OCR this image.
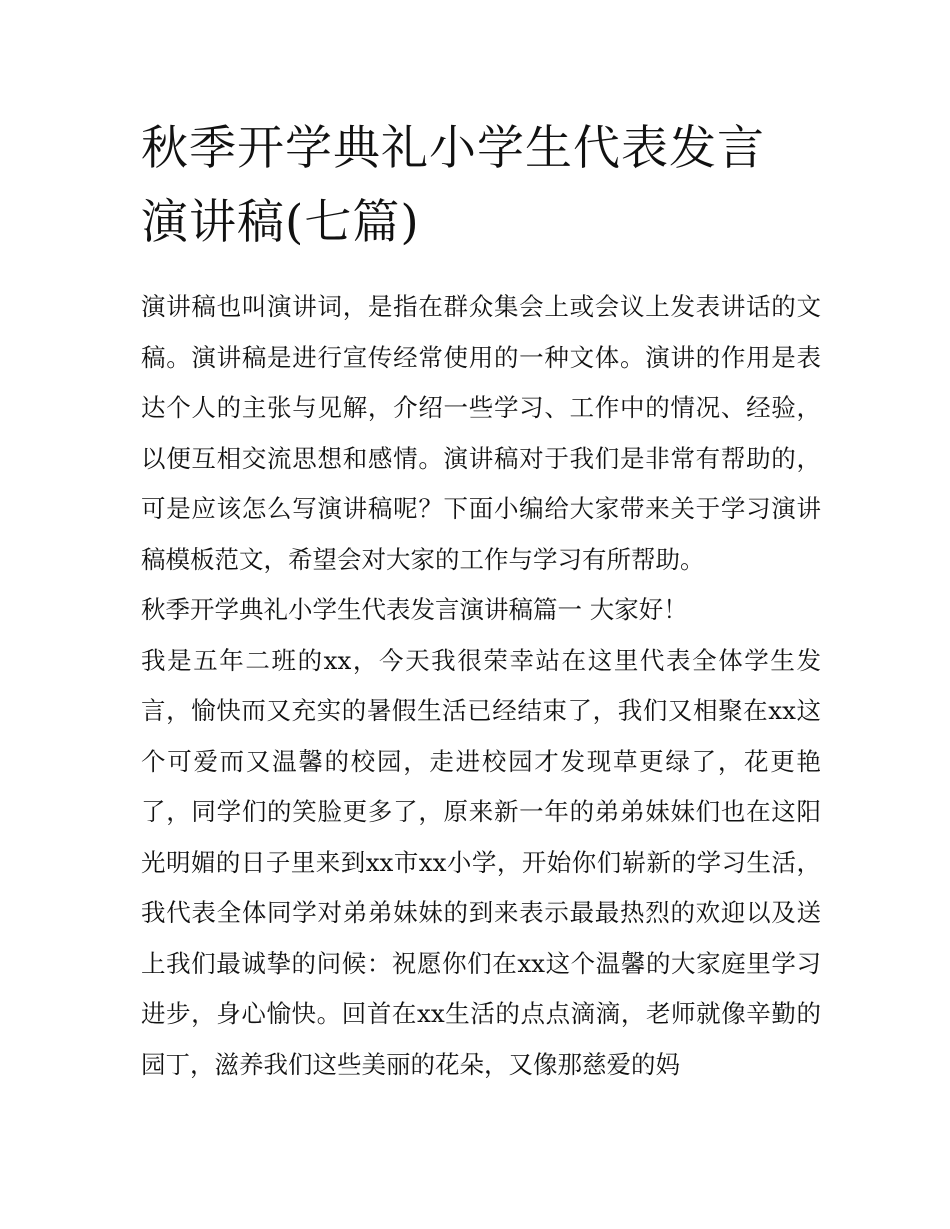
秋季开学典礼小学生代表发言
演讲稿(七篇)

演讲稿也叫演讲词，是指在群众集会上或会议上发表讲话的文稿。演讲稿是进行宣传经常使用的一种文体。演讲的作用是表达个人的主张与见解，介绍一些学习、工作中的情况、经验，以便互相交流思想和感情。演讲稿对于我们是非常有帮助的，可是应该怎么写演讲稿呢？下面小编给大家带来关于学习演讲稿模板范文，希望会对大家的工作与学习有所帮助。

秋季开学典礼小学生代表发言演讲稿篇一 大家好！

我是五年二班的xx，今天我很荣幸站在这里代表全体学生发言，愉快而又充实的暑假生活已经结束了，我们又相聚在xx这个可爱而又温馨的校园，走进校园才发现草更绿了，花更艳了，同学们的笑脸更多了，原来新一年的弟弟妹妹们也在这阳光明媚的日子里来到xx市xx小学，开始你们崭新的学习生活，我代表全体同学对弟弟妹妹的到来表示最最热烈的欢迎以及送上我们最诚挚的问候：祝愿你们在xx这个温馨的大家庭里学习进步，身心愉快。回首在xx生活的点点滴滴，老师就像辛勤的园丁，滋养我们这些美丽的花朵，又像那慈爱的妈
